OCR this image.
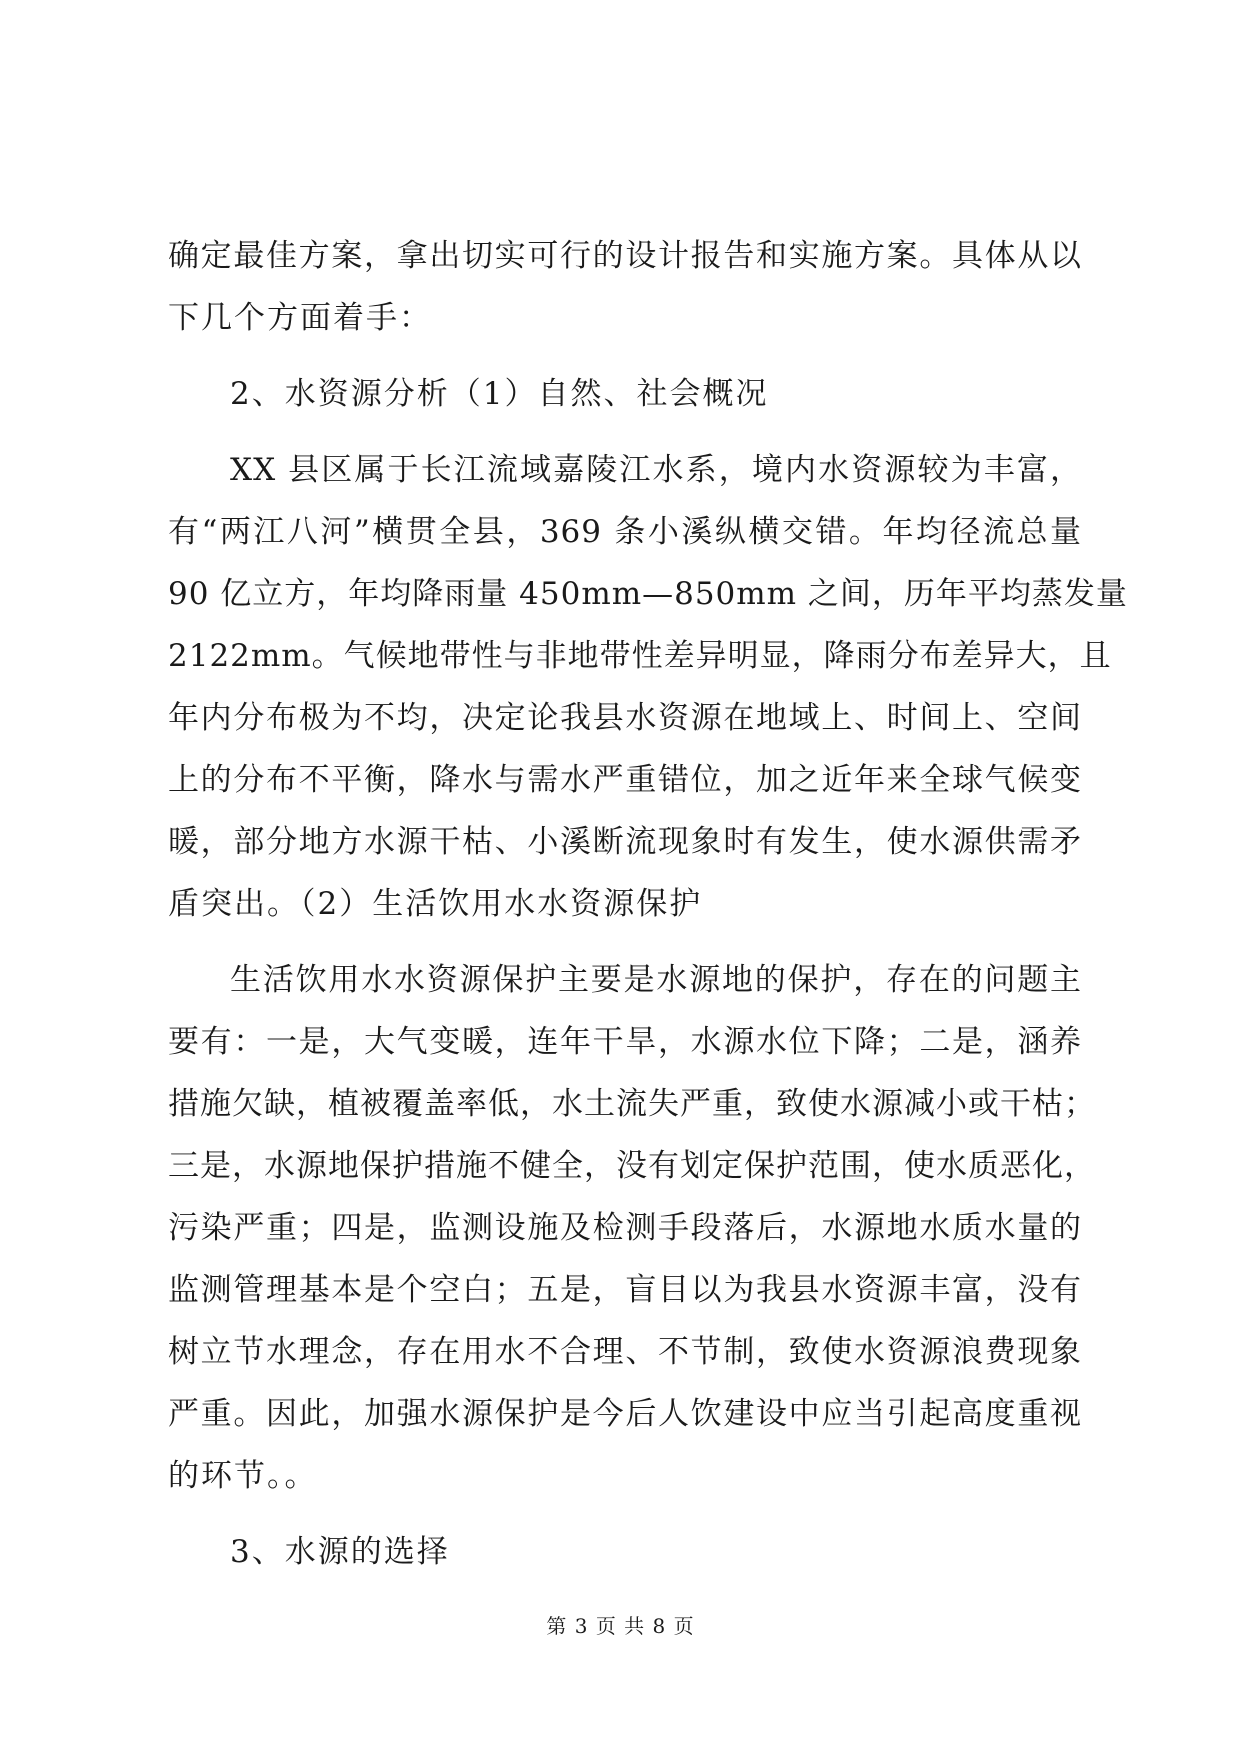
确定最佳方案，拿出切实可行的设计报告和实施方案。具体从以
下几个方面着手：
2、水资源分析（1）自然、社会概况
XX 县区属于长江流域嘉陵江水系，境内水资源较为丰富，
有“两江八河”横贯全县，369 条小溪纵横交错。年均径流总量
90 亿立方，年均降雨量 450mm—850mm 之间，历年平均蒸发量
2122mm。气候地带性与非地带性差异明显，降雨分布差异大，且
年内分布极为不均，决定论我县水资源在地域上、时间上、空间
上的分布不平衡，降水与需水严重错位，加之近年来全球气候变
暖，部分地方水源干枯、小溪断流现象时有发生，使水源供需矛
盾突出。（2）生活饮用水水资源保护
生活饮用水水资源保护主要是水源地的保护，存在的问题主
要有：一是，大气变暖，连年干旱，水源水位下降；二是，涵养
措施欠缺，植被覆盖率低，水土流失严重，致使水源减小或干枯；
三是，水源地保护措施不健全，没有划定保护范围，使水质恶化，
污染严重；四是，监测设施及检测手段落后，水源地水质水量的
监测管理基本是个空白；五是，盲目以为我县水资源丰富，没有
树立节水理念，存在用水不合理、不节制，致使水资源浪费现象
严重。因此，加强水源保护是今后人饮建设中应当引起高度重视
的环节。。
3、水源的选择
第 3 页 共 8 页
